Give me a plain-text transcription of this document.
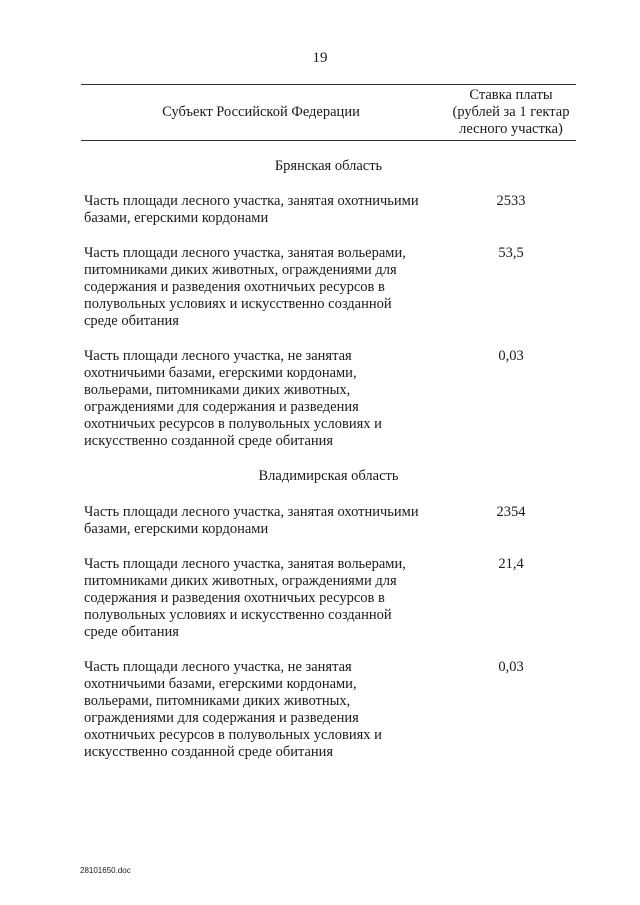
19
Субъект Российской Федерации
Ставка платы
(рублей за 1 гектар
лесного участка)
Брянская область
Часть площади лесного участка, занятая охотничьими
базами, егерскими кордонами
2533
Часть площади лесного участка, занятая вольерами,
питомниками диких животных, ограждениями для
содержания и разведения охотничьих ресурсов в
полувольных условиях и искусственно созданной
среде обитания
53,5
Часть площади лесного участка, не занятая
охотничьими базами, егерскими кордонами,
вольерами, питомниками диких животных,
ограждениями для содержания и разведения
охотничьих ресурсов в полувольных условиях и
искусственно созданной среде обитания
0,03
Владимирская область
Часть площади лесного участка, занятая охотничьими
базами, егерскими кордонами
2354
Часть площади лесного участка, занятая вольерами,
питомниками диких животных, ограждениями для
содержания и разведения охотничьих ресурсов в
полувольных условиях и искусственно созданной
среде обитания
21,4
Часть площади лесного участка, не занятая
охотничьими базами, егерскими кордонами,
вольерами, питомниками диких животных,
ограждениями для содержания и разведения
охотничьих ресурсов в полувольных условиях и
искусственно созданной среде обитания
0,03
28101650.doc
